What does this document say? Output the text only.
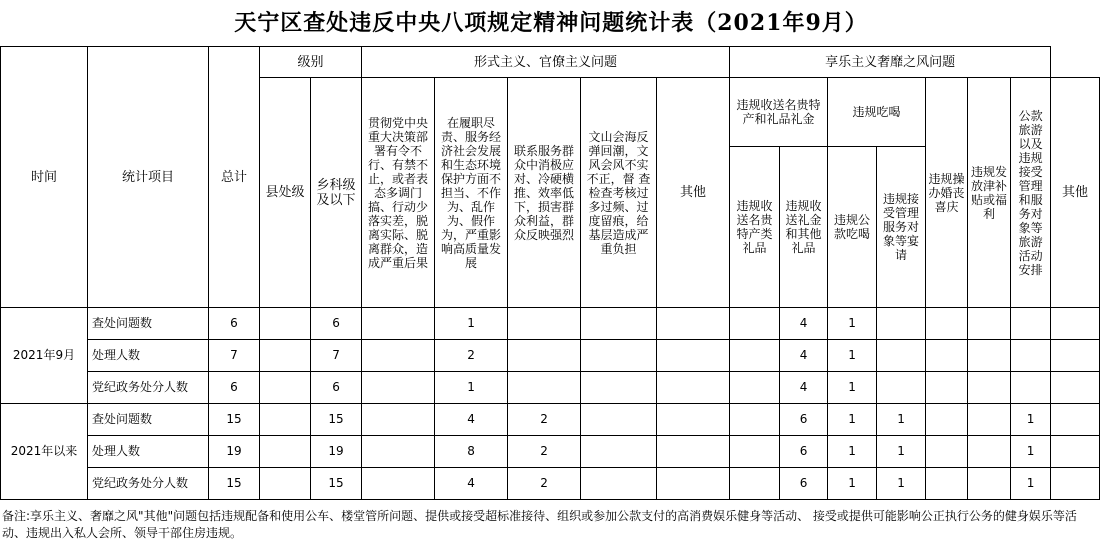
天宁区查处违反中央八项规定精神问题统计表（2021年9月）
时间	统计项目	总计	级别		形式主义、官僚主义问题					享乐主义奢靡之风问题							
			县处级	乡科级及以下	贯彻党中央重大决策部署有令不行、有禁不止，或者表态多调门搞、行动少落实差，脱离实际、脱离群众，造成严重后果	在履职尽责、服务经济社会发展和生态环境保护方面不担当、不作为、乱作为、假作为，严重影响高质量发展	联系服务群众中消极应对、冷硬横推、效率低下，损害群众利益，群众反映强烈	文山会海反弹回潮，文风会风不实不正，督 查检查考核过多过频、过度留痕，给基层造成严重负担	其他	违规收送名贵特产和礼品礼金		违规吃喝		违规操办婚丧喜庆	违规发放津补贴或福利	公款旅游以及违规接受管理和服务对象等旅游活动安排	其他
										违规收送名贵特产类礼品	违规收送礼金和其他礼品	违规公款吃喝	违规接受管理服务对象等宴请				
2021年9月	查处问题数	6		6		1					4	1					
	处理人数	7		7		2					4	1					
	党纪政务处分人数	6		6		1					4	1					
2021年以来	查处问题数	15		15		4	2				6	1	1			1	
	处理人数	19		19		8	2				6	1	1			1	
	党纪政务处分人数	15		15		4	2				6	1	1			1	
备注:享乐主义、奢靡之风"其他"问题包括违规配备和使用公车、楼堂管所问题、提供或接受超标准接待、组织或参加公款支付的高消费娱乐健身等活动、 接受或提供可能影响公正执行公务的健身娱乐等活动、违规出入私人会所、领导干部住房违规。
